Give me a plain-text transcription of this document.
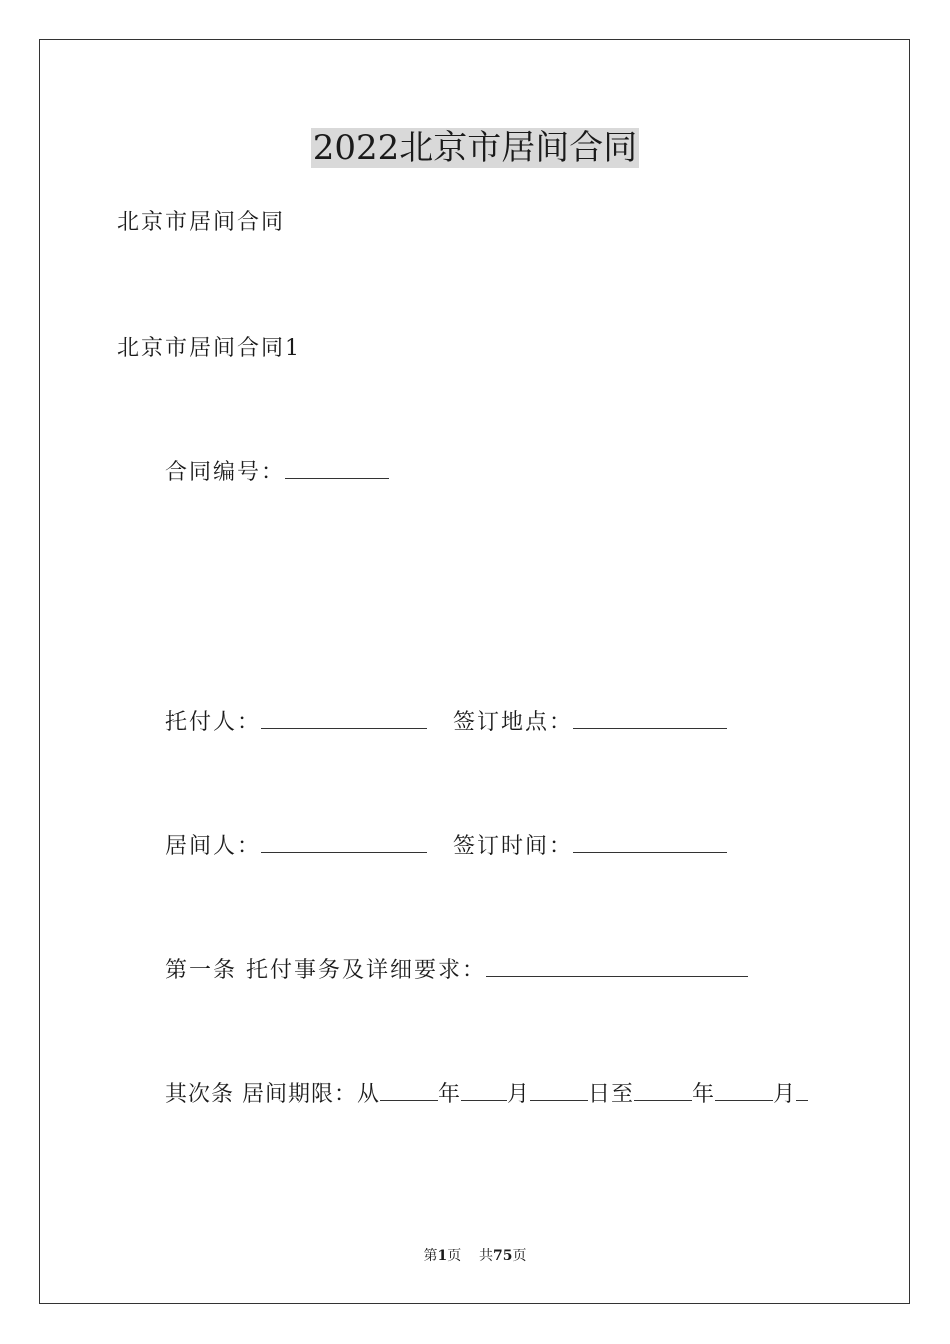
2022北京市居间合同
北京市居间合同
北京市居间合同1
合同编号：
托付人：	签订地点：
居间人：	签订时间：
第一条 托付事务及详细要求：
其次条 居间期限：从	年 月	日至	年	月
第1页 共75页
